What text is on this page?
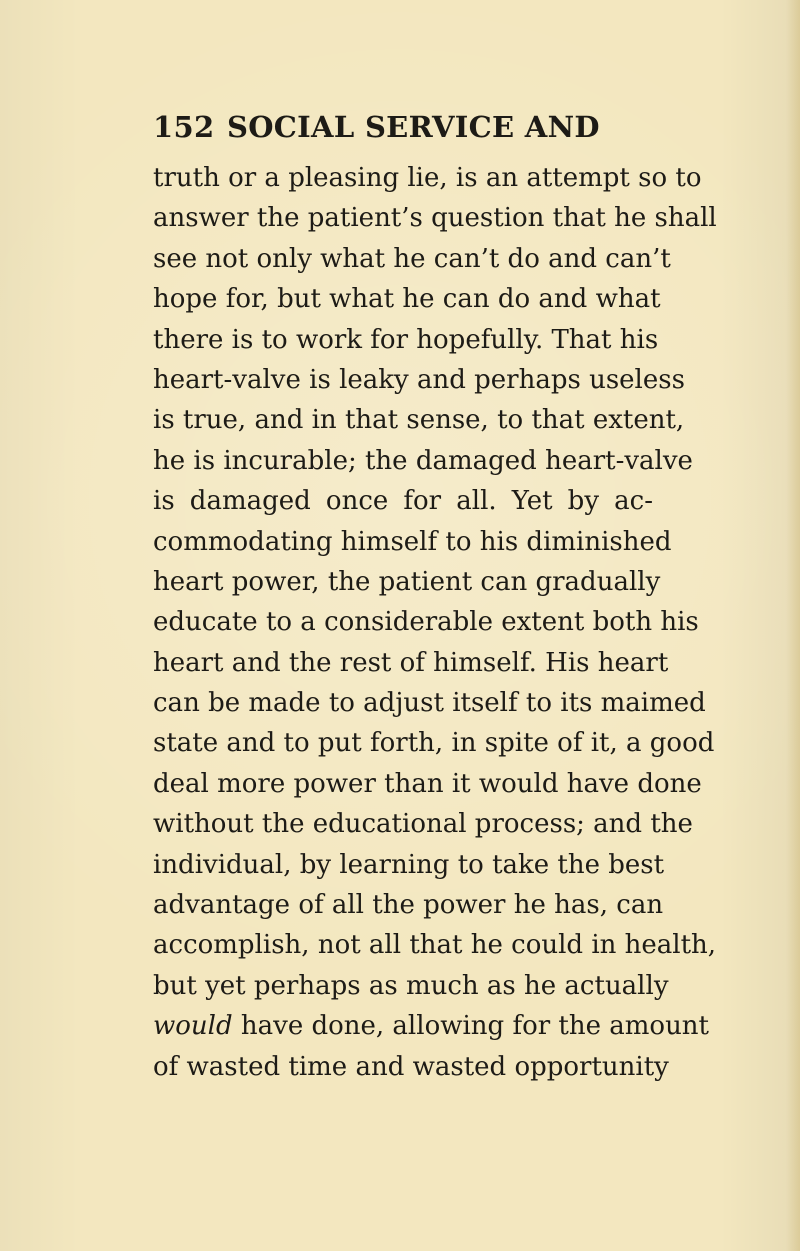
152 SOCIAL SERVICE AND
truth or a pleasing lie, is an attempt so to
answer the patient’s question that he shall
see not only what he can’t do and can’t
hope for, but what he can do and what
there is to work for hopefully. That his
heart-valve is leaky and perhaps useless
is true, and in that sense, to that extent,
he is incurable; the damaged heart-valve
is damaged once for all. Yet by ac-
commodating himself to his diminished
heart power, the patient can gradually
educate to a considerable extent both his
heart and the rest of himself. His heart
can be made to adjust itself to its maimed
state and to put forth, in spite of it, a good
deal more power than it would have done
without the educational process; and the
individual, by learning to take the best
advantage of all the power he has, can
accomplish, not all that he could in health,
but yet perhaps as much as he actually
would have done, allowing for the amount
of wasted time and wasted opportunity
